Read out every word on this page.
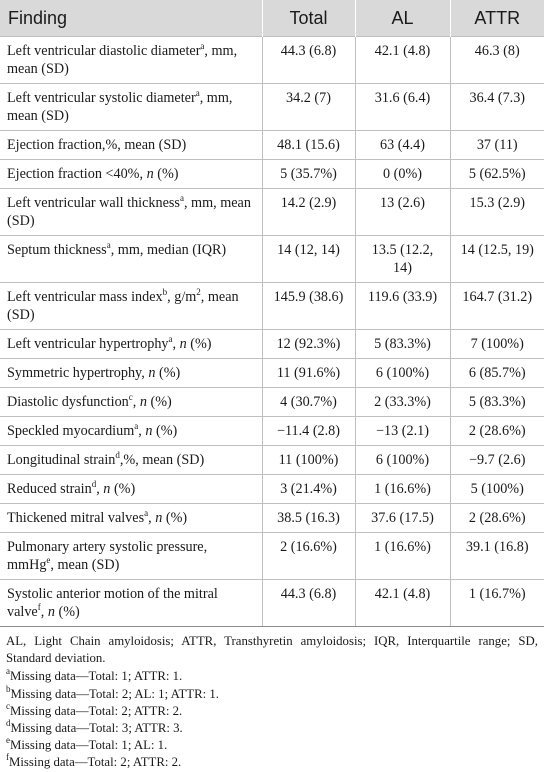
Finding	Total	AL	ATTR
Left ventricular diastolic diameter$^a$, mm, mean (SD)	44.3 (6.8)	42.1 (4.8)	46.3 (8)
Left ventricular systolic diameter$^a$, mm, mean (SD)	34.2 (7)	31.6 (6.4)	36.4 (7.3)
Ejection fraction,%, mean (SD)	48.1 (15.6)	63 (4.4)	37 (11)
Ejection fraction <40%, n (%)	5 (35.7%)	0 (0%)	5 (62.5%)
Left ventricular wall thickness$^a$, mm, mean (SD)	14.2 (2.9)	13 (2.6)	15.3 (2.9)
Septum thickness$^a$, mm, median (IQR)	14 (12, 14)	13.5 (12.2, 14)	14 (12.5, 19)
Left ventricular mass index$^b$, $g/m^2$, mean (SD)	145.9 (38.6)	119.6 (33.9)	164.7 (31.2)
Left ventricular hypertrophy$^a$, n (%)	12 (92.3%)	5 (83.3%)	7 (100%)
Symmetric hypertrophy, n (%)	11 (91.6%)	6 (100%)	6 (85.7%)
Diastolic dysfunction$^c$, n (%)	4 (30.7%)	2 (33.3%)	5 (83.3%)
Speckled myocardium$^a$, n (%)	−11.4 (2.8)	−13 (2.1)	2 (28.6%)
Longitudinal strain$^d$,%, mean (SD)	11 (100%)	6 (100%)	−9.7 (2.6)
Reduced strain$^d$, n (%)	3 (21.4%)	1 (16.6%)	5 (100%)
Thickened mitral valves$^a$, n (%)	38.5 (16.3)	37.6 (17.5)	2 (28.6%)
Pulmonary artery systolic pressure, mmHg$^e$, mean (SD)	2 (16.6%)	1 (16.6%)	39.1 (16.8)
Systolic anterior motion of the mitral valve$^f$, n (%)	44.3 (6.8)	42.1 (4.8)	1 (16.7%)

AL, Light Chain amyloidosis; ATTR, Transthyretin amyloidosis; IQR, Interquartile range; SD, Standard deviation.

$^a$Missing data—Total: 1; ATTR: 1.

$^b$Missing data—Total: 2; AL: 1; ATTR: 1.

$^c$Missing data—Total: 2; ATTR: 2.

$^d$Missing data—Total: 3; ATTR: 3.

$^e$Missing data—Total: 1; AL: 1.

$^f$Missing data—Total: 2; ATTR: 2.
